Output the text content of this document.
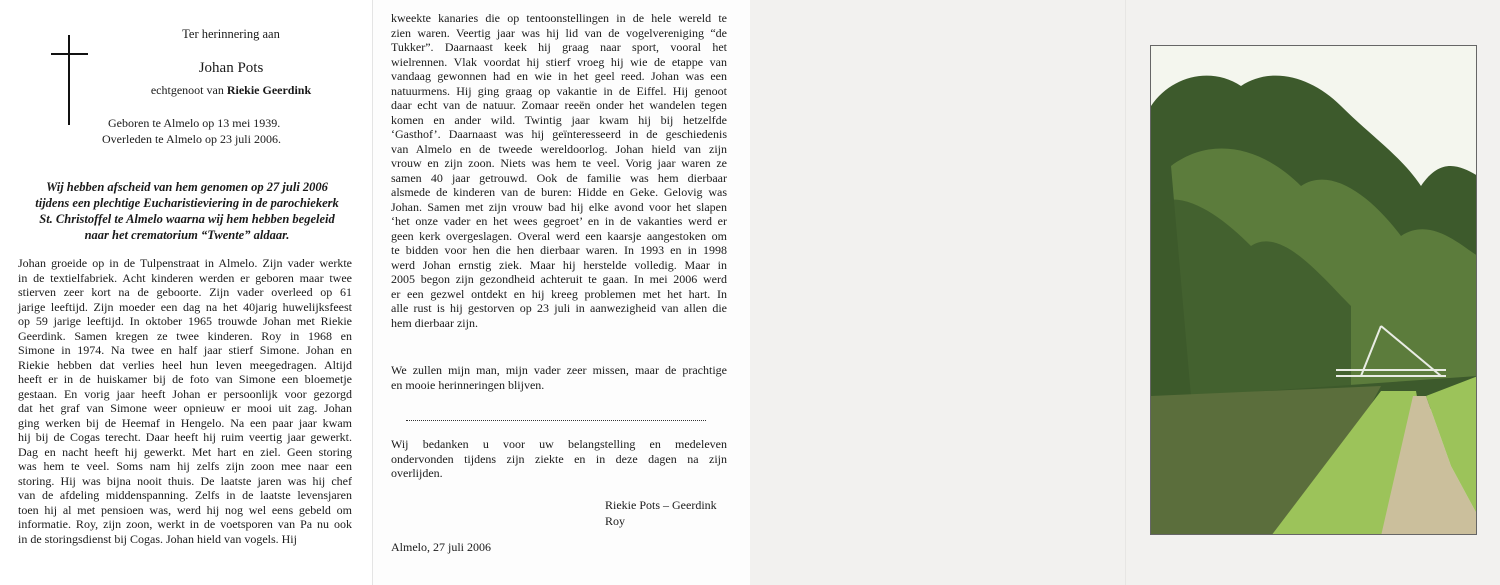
Ter herinnering aan
Johan Pots
echtgenoot van Riekie Geerdink
Geboren te Almelo op 13 mei 1939.
Overleden te Almelo op 23 juli 2006.
Wij hebben afscheid van hem genomen op 27 juli 2006
tijdens een plechtige Eucharistieviering in de parochiekerk
St. Christoffel te Almelo waarna wij hem hebben begeleid
naar het crematorium “Twente” aldaar.
Johan groeide op in de Tulpenstraat in Almelo. Zijn vader werkte
in de textielfabriek. Acht kinderen werden er geboren maar twee
stierven zeer kort na de geboorte. Zijn vader overleed op 61
jarige leeftijd. Zijn moeder een dag na het 40jarig huwelijksfeest
op 59 jarige leeftijd. In oktober 1965 trouwde Johan met Riekie
Geerdink. Samen kregen ze twee kinderen. Roy in 1968 en
Simone in 1974. Na twee en half jaar stierf Simone. Johan en
Riekie hebben dat verlies heel hun leven meegedragen. Altijd
heeft er in de huiskamer bij de foto van Simone een bloemetje
gestaan. En vorig jaar heeft Johan er persoonlijk voor gezorgd
dat het graf van Simone weer opnieuw er mooi uit zag. Johan
ging werken bij de Heemaf in Hengelo. Na een paar jaar kwam
hij bij de Cogas terecht. Daar heeft hij ruim veertig jaar gewerkt.
Dag en nacht heeft hij gewerkt. Met hart en ziel. Geen storing
was hem te veel. Soms nam hij zelfs zijn zoon mee naar een
storing. Hij was bijna nooit thuis. De laatste jaren was hij chef
van de afdeling middenspanning. Zelfs in de laatste levensjaren
toen hij al met pensioen was, werd hij nog wel eens gebeld om
informatie. Roy, zijn zoon, werkt in de voetsporen van Pa nu ook
in de storingsdienst bij Cogas. Johan hield van vogels. Hij
kweekte kanaries die op tentoonstellingen in de hele wereld te
zien waren. Veertig jaar was hij lid van de vogelvereniging “de
Tukker”. Daarnaast keek hij graag naar sport, vooral het
wielrennen. Vlak voordat hij stierf vroeg hij wie de etappe van
vandaag gewonnen had en wie in het geel reed. Johan was een
natuurmens. Hij ging graag op vakantie in de Eiffel. Hij genoot
daar echt van de natuur. Zomaar reeën onder het wandelen tegen
komen en ander wild. Twintig jaar kwam hij bij hetzelfde
‘Gasthof’. Daarnaast was hij geïnteresseerd in de geschiedenis
van Almelo en de tweede wereldoorlog. Johan hield van zijn
vrouw en zijn zoon. Niets was hem te veel. Vorig jaar waren ze
samen 40 jaar getrouwd. Ook de familie was hem dierbaar
alsmede de kinderen van de buren: Hidde en Geke. Gelovig was
Johan. Samen met zijn vrouw bad hij elke avond voor het slapen
‘het onze vader en het wees gegroet’ en in de vakanties werd er
geen kerk overgeslagen. Overal werd een kaarsje aangestoken om
te bidden voor hen die hen dierbaar waren. In 1993 en in 1998
werd Johan ernstig ziek. Maar hij herstelde volledig. Maar in
2005 begon zijn gezondheid achteruit te gaan. In mei 2006 werd
er een gezwel ontdekt en hij kreeg problemen met het hart. In
alle rust is hij gestorven op 23 juli in aanwezigheid van allen die
hem dierbaar zijn.
We zullen mijn man, mijn vader zeer missen, maar de prachtige
en mooie herinneringen blijven.
Wij bedanken u voor uw belangstelling en medeleven
ondervonden tijdens zijn ziekte en in deze dagen na zijn
overlijden.
Riekie Pots – Geerdink
Roy
Almelo, 27 juli 2006
